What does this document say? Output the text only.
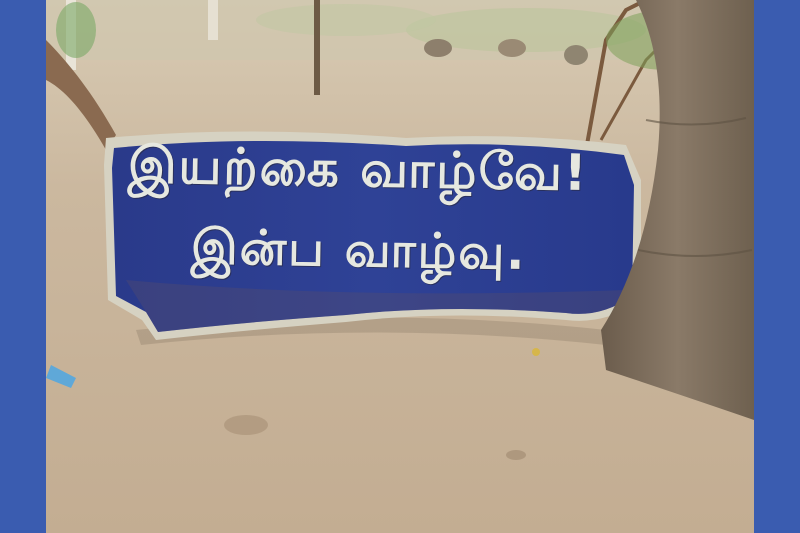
இயற்கை வாழ்வே!
இன்ப வாழ்வு.
